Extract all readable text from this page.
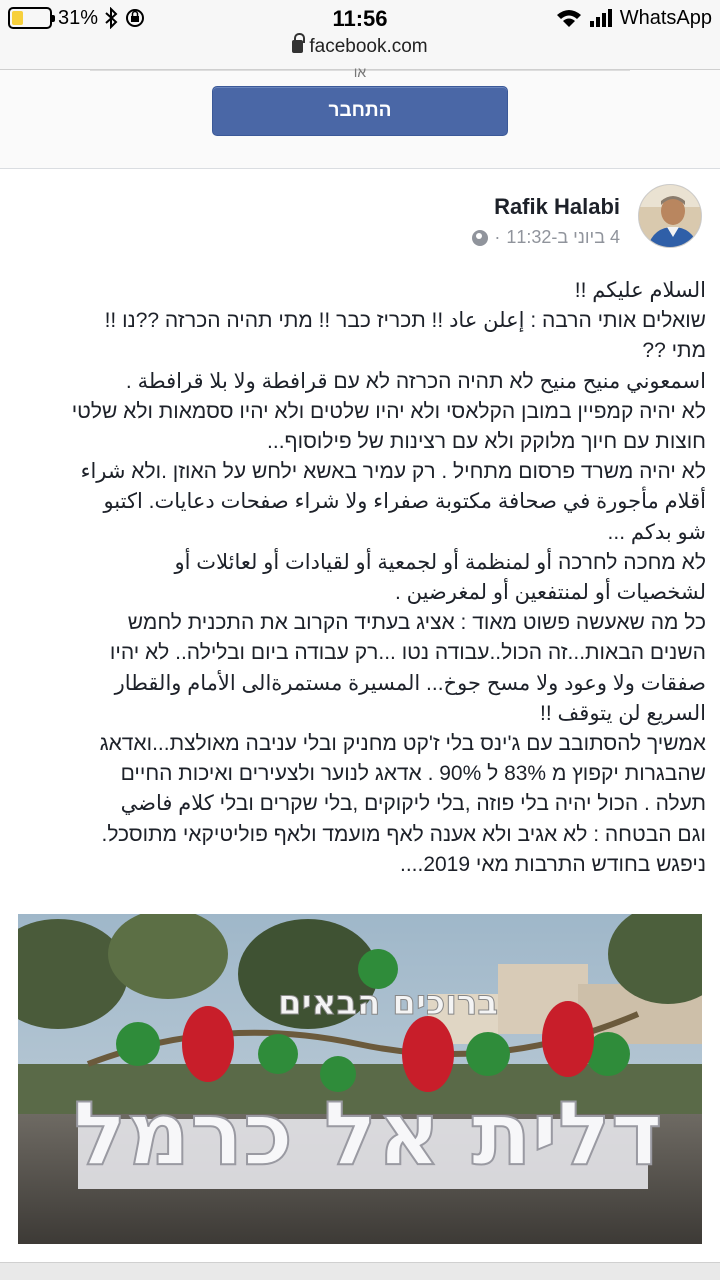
31%	11:56	WhatsApp
facebook.com
או
התחבר
Rafik Halabi
4 ביוני ב-11:32
·

السلام عليكم !!

שואלים אותי הרבה : إعلن عاد !! תכריז כבר !! מתי תהיה הכרזה ??נו !!

מתי ??

اسمعوني منيح منيح לא תהיה הכרזה לא עם قرافطة ولا بلا قرافطة .

לא יהיה קמפיין במובן הקלאסי ולא יהיו שלטים ולא יהיו ססמאות ולא שלטי

חוצות עם חיוך מלוקק ולא עם רצינות של פילוסוף...

לא יהיה משרד פרסום מתחיל . רק עמיר באשא ילחש על האוזן .ולא شراء

أقلام مأجورة في صحافة مكتوبة صفراء ولا شراء صفحات دعايات. اكتبو

شو بدكم ...

לא מחכה לחרכה أو لمنظمة أو لجمعية أو لقيادات أو لعائلات أو

لشخصيات أو لمنتفعين أو لمغرضين .

כל מה שאעשה פשוט מאוד : אציג בעתיד הקרוב את התכנית לחמש

השנים הבאות...זה הכול..עבודה נטו ...רק עבודה ביום ובלילה.. לא יהיו

صفقات ولا وعود ولا مسح جوخ... المسيرة مستمرةالى الأمام والقطار

السريع لن يتوقف !!

אמשיך להסתובב עם ג'ינס בלי ז'קט מחניק ובלי עניבה מאולצת...ואדאג

שהבגרות יקפוץ מ 83% ל 90% . אדאג לנוער ולצעירים ואיכות החיים

תעלה . הכול יהיה בלי פוזה ,בלי ליקוקים ,בלי שקרים ובלי كلام فاضي

וגם הבטחה : לא אגיב ולא אענה לאף מועמד ולאף פוליטיקאי מתוסכל.

ניפגש בחודש התרבות מאי 2019....

ברוכים הבאים
דלית אל כרמל
